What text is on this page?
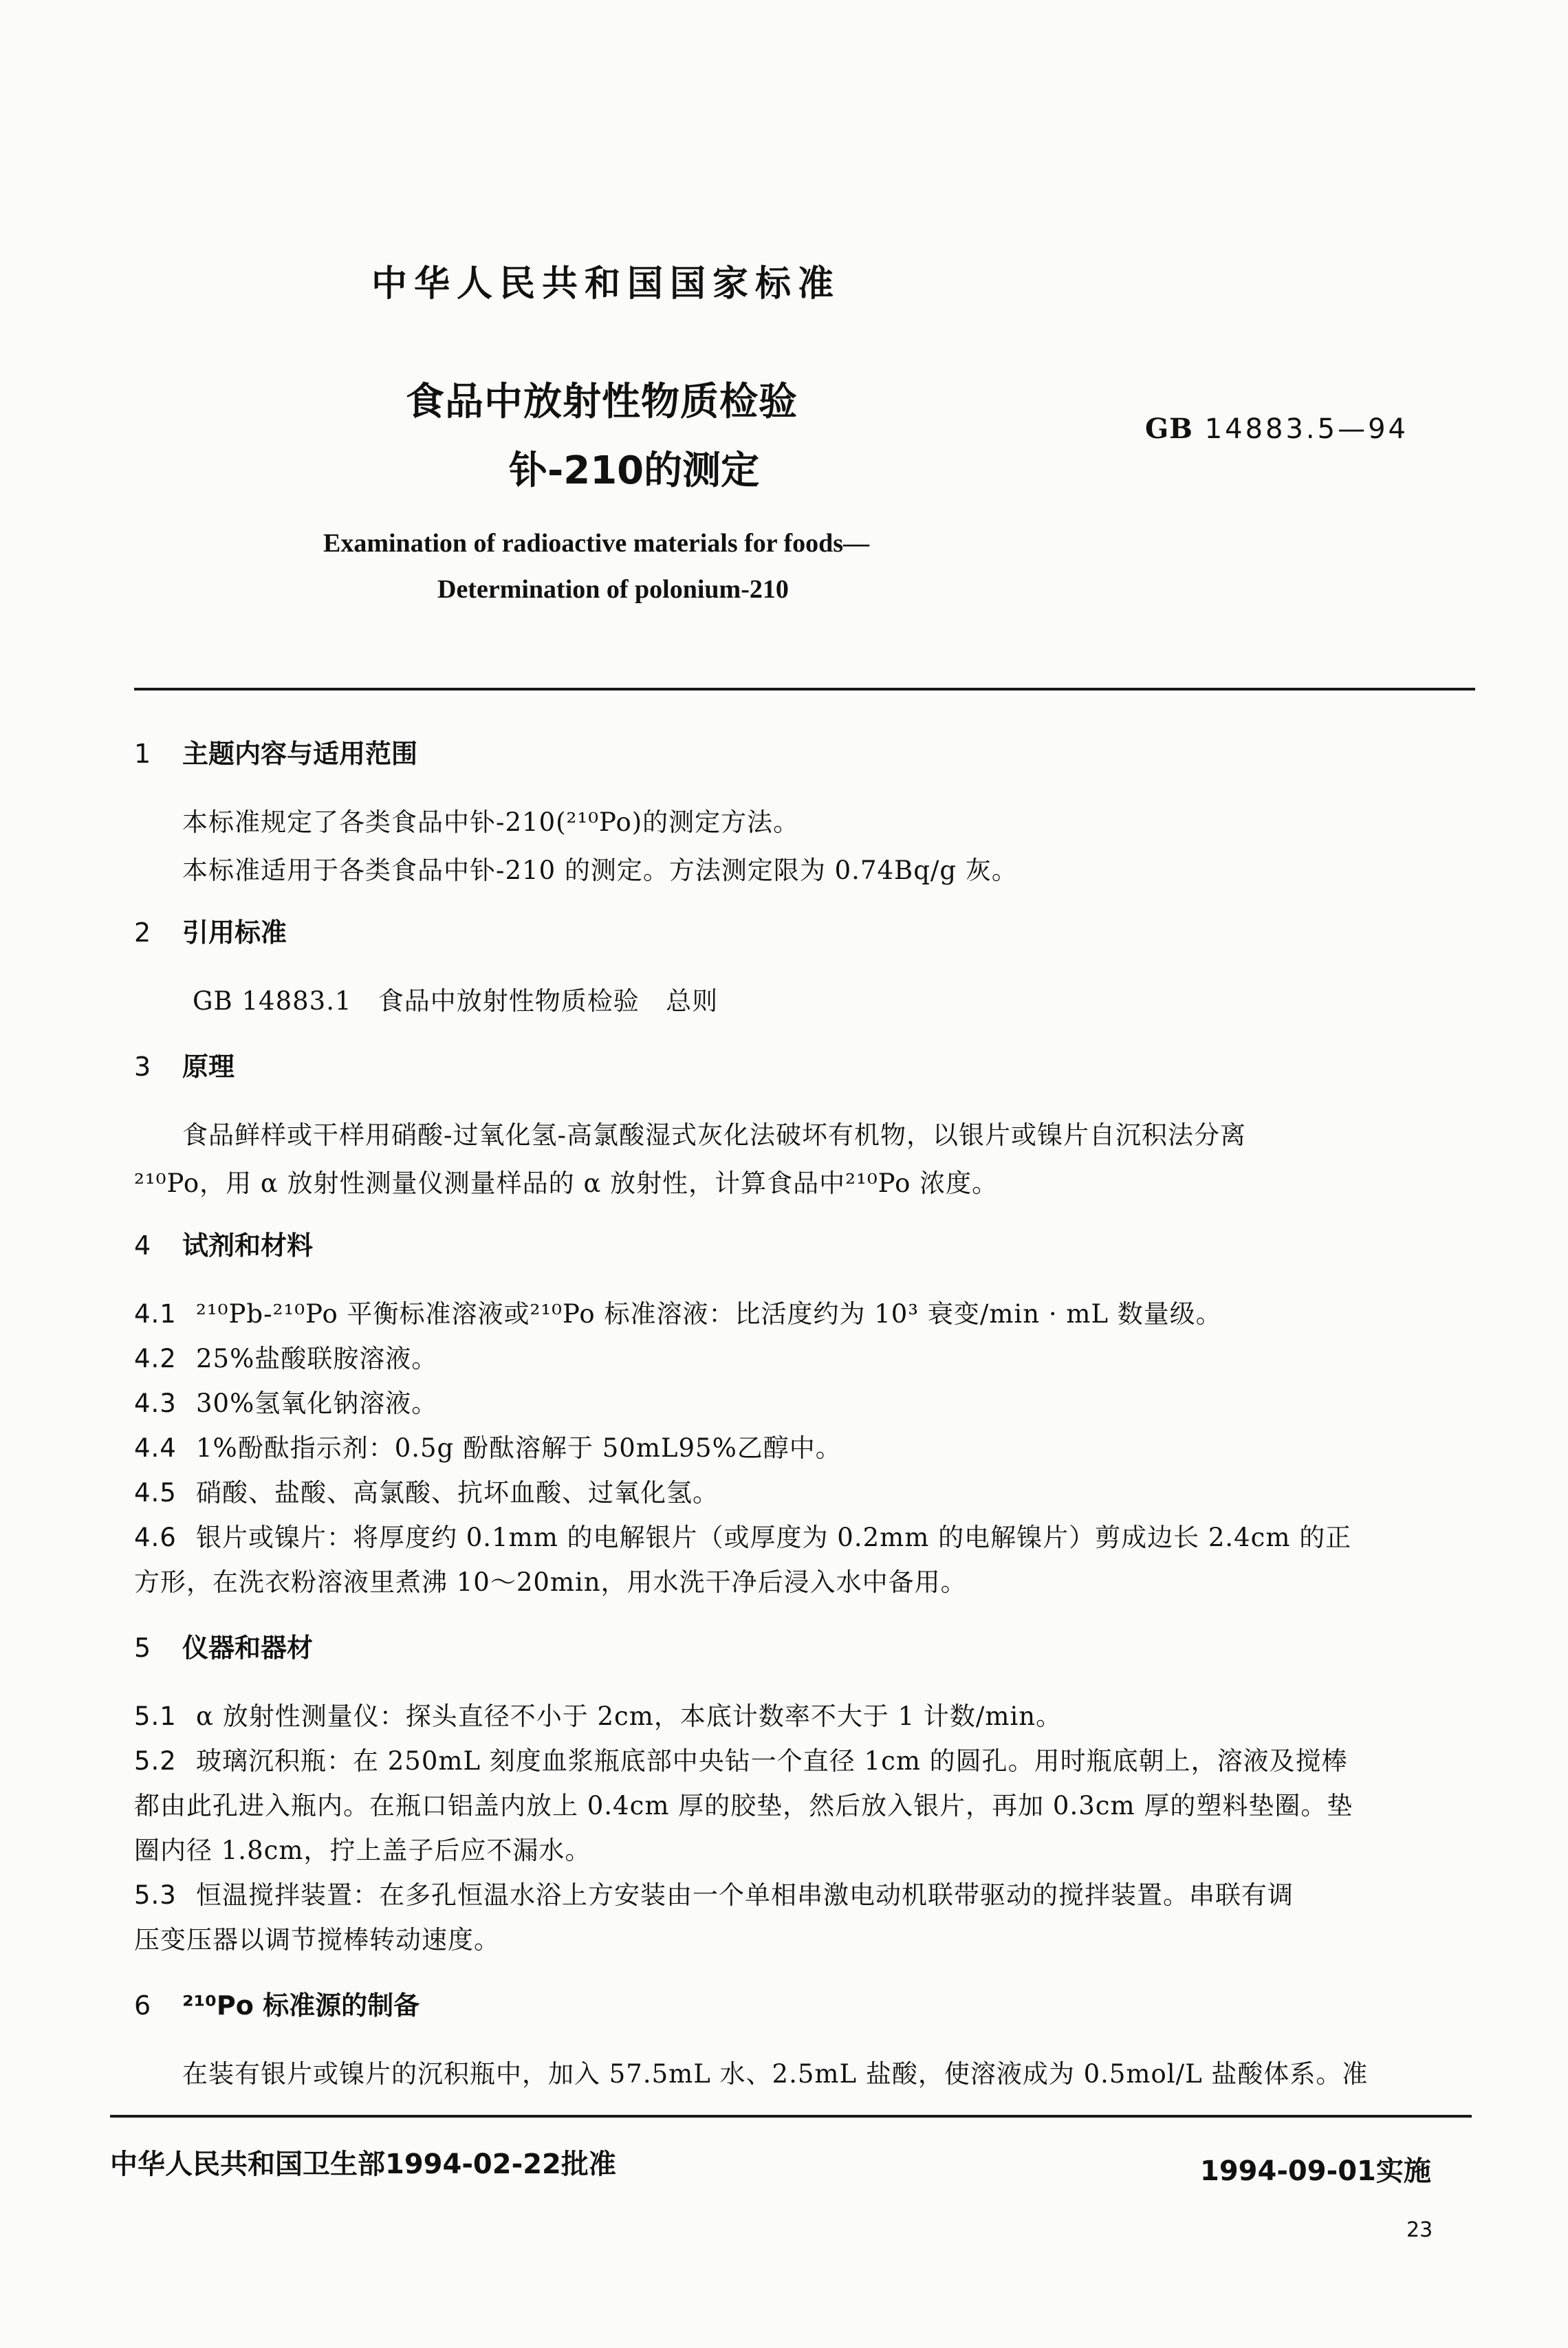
中华人民共和国国家标准
食品中放射性物质检验
钋-210的测定
GB 14883.5—94
Examination of radioactive materials for foods—
Determination of polonium-210
1 主题内容与适用范围
本标准规定了各类食品中钋-210(²¹⁰Po)的测定方法。
本标准适用于各类食品中钋-210 的测定。方法测定限为 0.74Bq/g 灰。
2 引用标准
GB 14883.1   食品中放射性物质检验   总则
3 原理
食品鲜样或干样用硝酸-过氧化氢-高氯酸湿式灰化法破坏有机物，以银片或镍片自沉积法分离
²¹⁰Po，用 α 放射性测量仪测量样品的 α 放射性，计算食品中²¹⁰Po 浓度。
4 试剂和材料
4.1 ²¹⁰Pb-²¹⁰Po 平衡标准溶液或²¹⁰Po 标准溶液：比活度约为 10³ 衰变/min · mL 数量级。
4.2 25%盐酸联胺溶液。
4.3 30%氢氧化钠溶液。
4.4 1%酚酞指示剂：0.5g 酚酞溶解于 50mL95%乙醇中。
4.5 硝酸、盐酸、高氯酸、抗坏血酸、过氧化氢。
4.6 银片或镍片：将厚度约 0.1mm 的电解银片（或厚度为 0.2mm 的电解镍片）剪成边长 2.4cm 的正
方形，在洗衣粉溶液里煮沸 10～20min，用水洗干净后浸入水中备用。
5 仪器和器材
5.1 α 放射性测量仪：探头直径不小于 2cm，本底计数率不大于 1 计数/min。
5.2 玻璃沉积瓶：在 250mL 刻度血浆瓶底部中央钻一个直径 1cm 的圆孔。用时瓶底朝上，溶液及搅棒
都由此孔进入瓶内。在瓶口铝盖内放上 0.4cm 厚的胶垫，然后放入银片，再加 0.3cm 厚的塑料垫圈。垫
圈内径 1.8cm，拧上盖子后应不漏水。
5.3 恒温搅拌装置：在多孔恒温水浴上方安装由一个单相串激电动机联带驱动的搅拌装置。串联有调
压变压器以调节搅棒转动速度。
6 ²¹⁰Po 标准源的制备
在装有银片或镍片的沉积瓶中，加入 57.5mL 水、2.5mL 盐酸，使溶液成为 0.5mol/L 盐酸体系。准
中华人民共和国卫生部1994-02-22批准	1994-09-01实施
23
